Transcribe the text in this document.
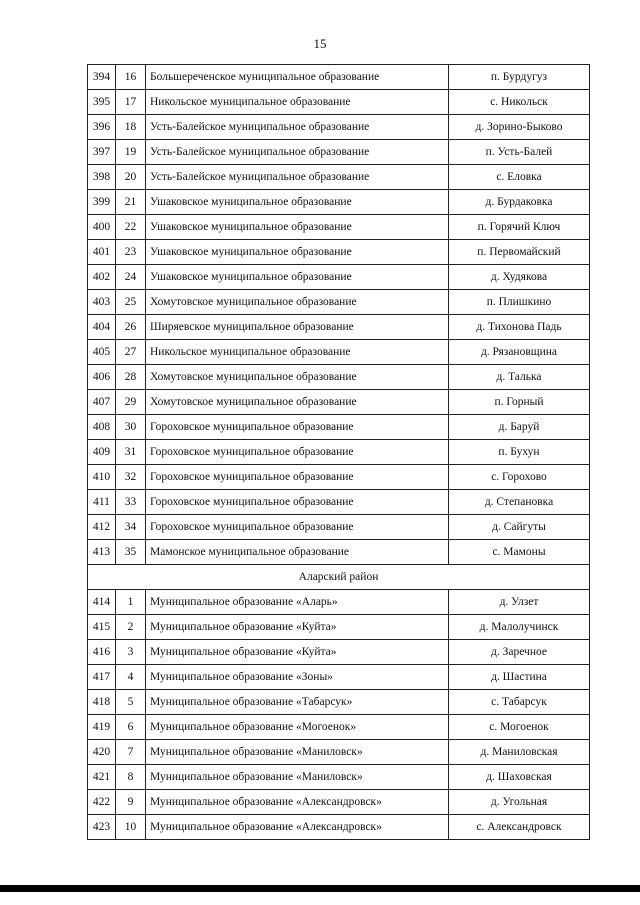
15
394	16	Большереченское муниципальное образование	п. Бурдугуз
395	17	Никольское муниципальное образование	с. Никольск
396	18	Усть-Балейское муниципальное образование	д. Зорино-Быково
397	19	Усть-Балейское муниципальное образование	п. Усть-Балей
398	20	Усть-Балейское муниципальное образование	с. Еловка
399	21	Ушаковское муниципальное образование	д. Бурдаковка
400	22	Ушаковское муниципальное образование	п. Горячий Ключ
401	23	Ушаковское муниципальное образование	п. Первомайский
402	24	Ушаковское муниципальное образование	д. Худякова
403	25	Хомутовское муниципальное образование	п. Плишкино
404	26	Ширяевское муниципальное образование	д. Тихонова Падь
405	27	Никольское муниципальное образование	д. Рязановщина
406	28	Хомутовское муниципальное образование	д. Талька
407	29	Хомутовское муниципальное образование	п. Горный
408	30	Гороховское муниципальное образование	д. Баруй
409	31	Гороховское муниципальное образование	п. Бухун
410	32	Гороховское муниципальное образование	с. Горохово
411	33	Гороховское муниципальное образование	д. Степановка
412	34	Гороховское муниципальное образование	д. Сайгуты
413	35	Мамонское муниципальное образование	с. Мамоны
Аларский район			
414	1	Муниципальное образование «Аларь»	д. Улзет
415	2	Муниципальное образование «Куйта»	д. Малолучинск
416	3	Муниципальное образование «Куйта»	д. Заречное
417	4	Муниципальное образование «Зоны»	д. Шастина
418	5	Муниципальное образование «Табарсук»	с. Табарсук
419	6	Муниципальное образование «Могоенок»	с. Могоенок
420	7	Муниципальное образование «Маниловск»	д. Маниловская
421	8	Муниципальное образование «Маниловск»	д. Шаховская
422	9	Муниципальное образование «Александровск»	д. Угольная
423	10	Муниципальное образование «Александровск»	с. Александровск
